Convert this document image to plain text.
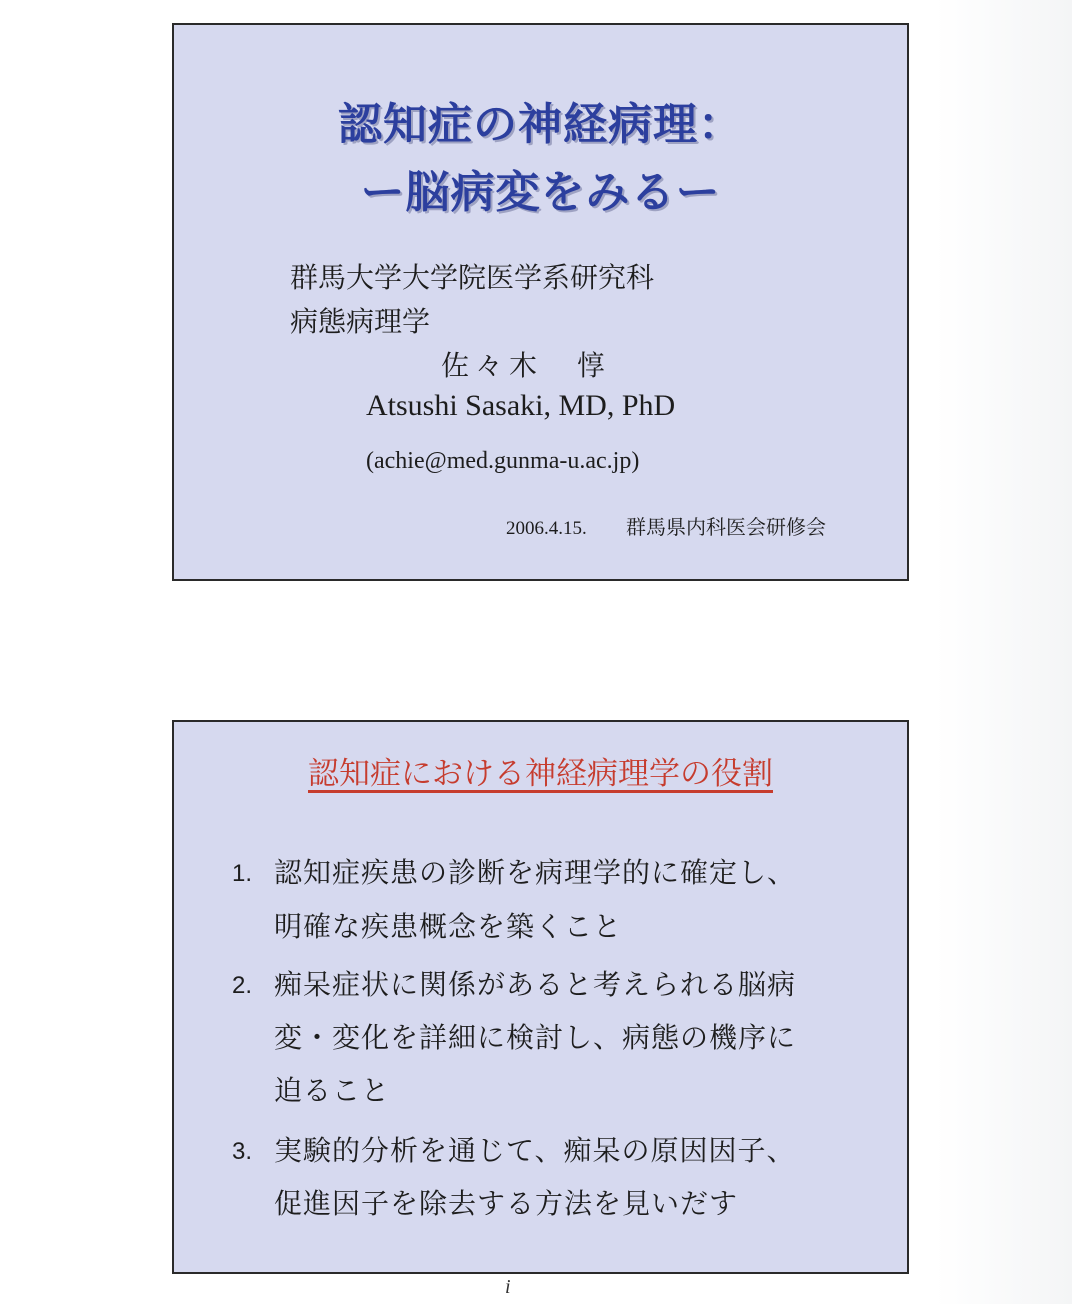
認知症の神経病理：
ー脳病変をみるー
群馬大学大学院医学系研究科
病態病理学
佐々木　惇
Atsushi Sasaki, MD, PhD
(achie@med.gunma-u.ac.jp)
2006.4.15. 群馬県内科医会研修会
認知症における神経病理学の役割
1. 認知症疾患の診断を病理学的に確定し、
明確な疾患概念を築くこと
2. 痴呆症状に関係があると考えられる脳病
変・変化を詳細に検討し、病態の機序に
迫ること
3. 実験的分析を通じて、痴呆の原因因子、
促進因子を除去する方法を見いだす
i
